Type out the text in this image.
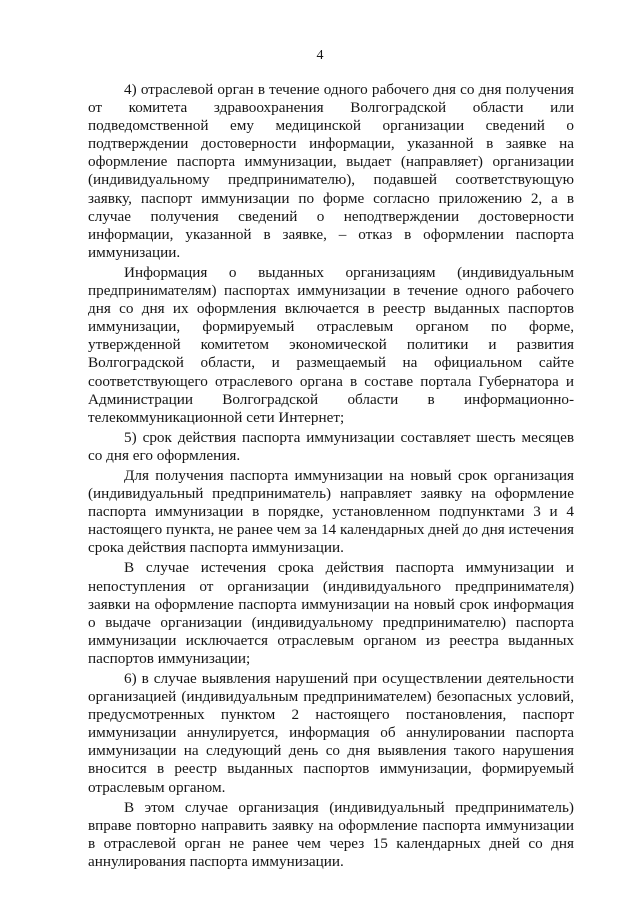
4

4) отраслевой орган в течение одного рабочего дня со дня получения от комитета здравоохранения Волгоградской области или подведомственной ему медицинской организации сведений о подтверждении достоверности информации, указанной в заявке на оформление паспорта иммунизации, выдает (направляет) организации (индивидуальному предпринимателю), подавшей соответствующую заявку, паспорт иммунизации по форме согласно приложению 2, а в случае получения сведений о неподтверждении достоверности информации, указанной в заявке, – отказ в оформлении паспорта иммунизации.

Информация о выданных организациям (индивидуальным предпринимателям) паспортах иммунизации в течение одного рабочего дня со дня их оформления включается в реестр выданных паспортов иммунизации, формируемый отраслевым органом по форме, утвержденной комитетом экономической политики и развития Волгоградской области, и размещаемый на официальном сайте соответствующего отраслевого органа в составе портала Губернатора и Администрации Волгоградской области в информационно-телекоммуникационной сети Интернет;

5) срок действия паспорта иммунизации составляет шесть месяцев со дня его оформления.

Для получения паспорта иммунизации на новый срок организация (индивидуальный предприниматель) направляет заявку на оформление паспорта иммунизации в порядке, установленном подпунктами 3 и 4 настоящего пункта, не ранее чем за 14 календарных дней до дня истечения срока действия паспорта иммунизации.

В случае истечения срока действия паспорта иммунизации и непоступления от организации (индивидуального предпринимателя) заявки на оформление паспорта иммунизации на новый срок информация о выдаче организации (индивидуальному предпринимателю) паспорта иммунизации исключается отраслевым органом из реестра выданных паспортов иммунизации;

6) в случае выявления нарушений при осуществлении деятельности организацией (индивидуальным предпринимателем) безопасных условий, предусмотренных пунктом 2 настоящего постановления, паспорт иммунизации аннулируется, информация об аннулировании паспорта иммунизации на следующий день со дня выявления такого нарушения вносится в реестр выданных паспортов иммунизации, формируемый отраслевым органом.

В этом случае организация (индивидуальный предприниматель) вправе повторно направить заявку на оформление паспорта иммунизации в отраслевой орган не ранее чем через 15 календарных дней со дня аннулирования паспорта иммунизации.
